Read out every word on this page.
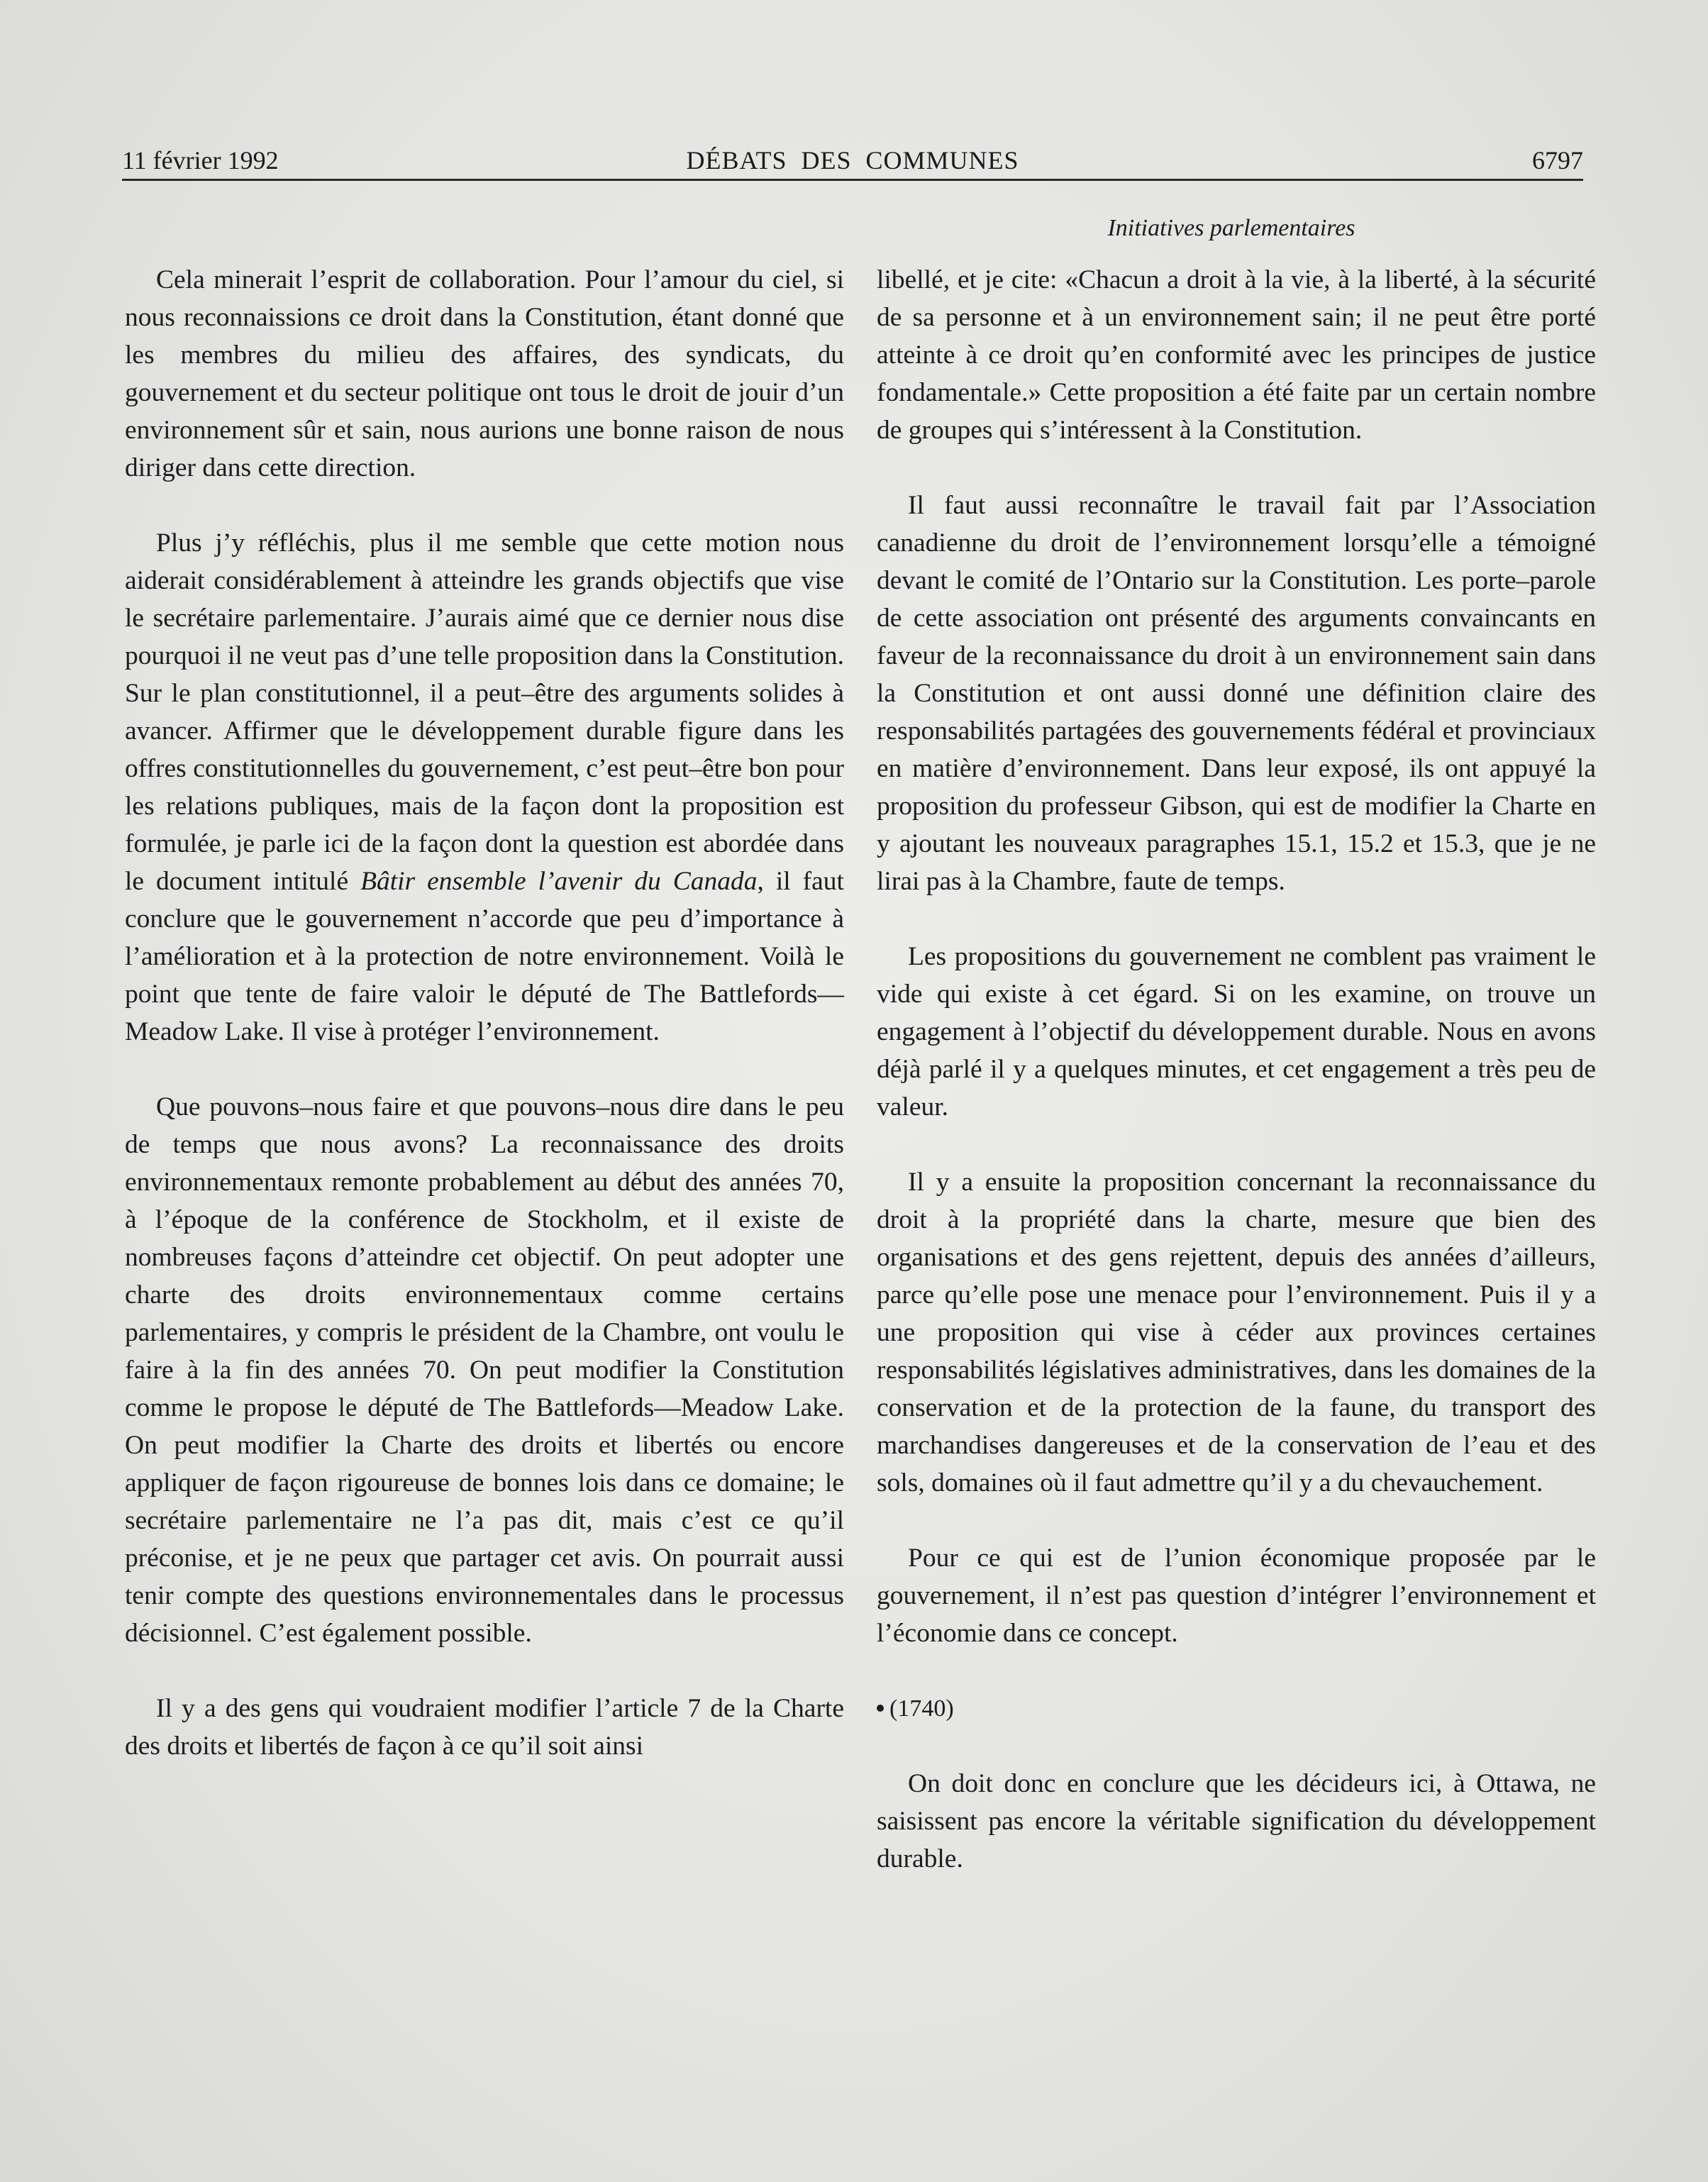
11 février 1992	DÉBATS  DES  COMMUNES	6797
Initiatives parlementaires

Cela minerait l’esprit de collaboration. Pour l’amour du ciel, si nous reconnaissions ce droit dans la Constitution, étant donné que les membres du milieu des affaires, des syndicats, du gouvernement et du secteur politique ont tous le droit de jouir d’un environnement sûr et sain, nous aurions une bonne raison de nous diriger dans cette direction.

Plus j’y réfléchis, plus il me semble que cette motion nous aiderait considérablement à atteindre les grands objectifs que vise le secrétaire parlementaire. J’aurais aimé que ce dernier nous dise pourquoi il ne veut pas d’une telle proposition dans la Constitution. Sur le plan constitutionnel, il a peut–être des arguments solides à avancer. Affirmer que le développement durable figure dans les offres constitutionnelles du gouvernement, c’est peut–être bon pour les relations publiques, mais de la façon dont la proposition est formulée, je parle ici de la façon dont la question est abordée dans le document intitulé Bâtir ensemble l’avenir du Canada, il faut conclure que le gouvernement n’accorde que peu d’importance à l’amélioration et à la protection de notre environnement. Voilà le point que tente de faire valoir le député de The Battlefords—Meadow Lake. Il vise à protéger l’environnement.

Que pouvons–nous faire et que pouvons–nous dire dans le peu de temps que nous avons? La reconnaissance des droits environnementaux remonte probablement au début des années 70, à l’époque de la conférence de Stockholm, et il existe de nombreuses façons d’atteindre cet objectif. On peut adopter une charte des droits environnementaux comme certains parlementaires, y compris le président de la Chambre, ont voulu le faire à la fin des années 70. On peut modifier la Constitution comme le propose le député de The Battlefords—Meadow Lake. On peut modifier la Charte des droits et libertés ou encore appliquer de façon rigoureuse de bonnes lois dans ce domaine; le secrétaire parlementaire ne l’a pas dit, mais c’est ce qu’il préconise, et je ne peux que partager cet avis. On pourrait aussi tenir compte des questions environnementales dans le processus décisionnel. C’est également possible.

Il y a des gens qui voudraient modifier l’article 7 de la Charte des droits et libertés de façon à ce qu’il soit ainsi

libellé, et je cite: «Chacun a droit à la vie, à la liberté, à la sécurité de sa personne et à un environnement sain; il ne peut être porté atteinte à ce droit qu’en conformité avec les principes de justice fondamentale.» Cette proposition a été faite par un certain nombre de groupes qui s’intéressent à la Constitution.

Il faut aussi reconnaître le travail fait par l’Association canadienne du droit de l’environnement lorsqu’elle a témoigné devant le comité de l’Ontario sur la Constitution. Les porte–parole de cette association ont présenté des arguments convaincants en faveur de la reconnaissance du droit à un environnement sain dans la Constitution et ont aussi donné une définition claire des responsabilités partagées des gouvernements fédéral et provinciaux en matière d’environnement. Dans leur exposé, ils ont appuyé la proposition du professeur Gibson, qui est de modifier la Charte en y ajoutant les nouveaux paragraphes 15.1, 15.2 et 15.3, que je ne lirai pas à la Chambre, faute de temps.

Les propositions du gouvernement ne comblent pas vraiment le vide qui existe à cet égard. Si on les examine, on trouve un engagement à l’objectif du développement durable. Nous en avons déjà parlé il y a quelques minutes, et cet engagement a très peu de valeur.

Il y a ensuite la proposition concernant la reconnaissance du droit à la propriété dans la charte, mesure que bien des organisations et des gens rejettent, depuis des années d’ailleurs, parce qu’elle pose une menace pour l’environnement. Puis il y a une proposition qui vise à céder aux provinces certaines responsabilités législatives administratives, dans les domaines de la conservation et de la protection de la faune, du transport des marchandises dangereuses et de la conservation de l’eau et des sols, domaines où il faut admettre qu’il y a du chevauchement.

Pour ce qui est de l’union économique proposée par le gouvernement, il n’est pas question d’intégrer l’environnement et l’économie dans ce concept.

(1740)

On doit donc en conclure que les décideurs ici, à Ottawa, ne saisissent pas encore la véritable signification du développement durable.
